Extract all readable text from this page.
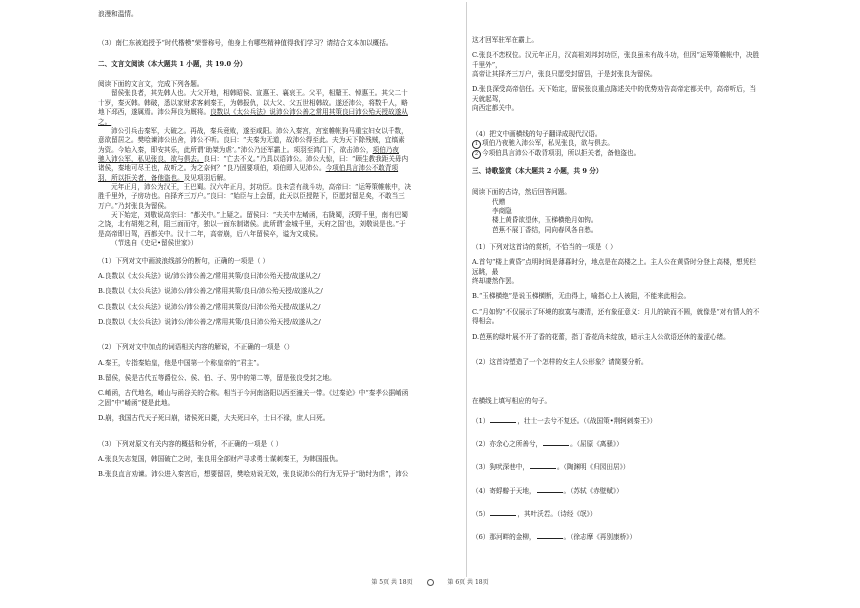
浪漫和温情。

（3）南仁东被追授予“时代楷模”荣誉称号，他身上有哪些精神值得我们学习？请结合文本加以概括。

二、文言文阅读（本大题共 1 小题，共 19.0 分）

阅读下面的文言文，完成下列各题。

留侯张良者，其先韩人也。大父开地，相韩昭侯、宣惠王、襄哀王。父平，相釐王、悼惠王。其父二十

十岁，秦灭韩。韩破，悉以家财求客刺秦王，为韩报仇，以大父、父五世相韩故。遂还沛公，将数千人，略

地下邳西，遂属焉。沛公拜良为厩将。良数以《太公兵法》说沛公沛公善之常用其策良曰沛公殆天授故遂从

之。

沛公引兵击秦军，大破之。再战，秦兵竟败，遂至咸阳。沛公入秦宫，宫室帷帐狗马重宝妇女以千数，

意欲留居之。樊哙谏沛公出舍，沛公不听。良曰：“夫秦为无道，故沛公得至此。夫为天下除残贼，宜缟素

为资。今始入秦，即安其乐，此所谓‘助桀为虐’。”沛公乃还军霸上。项羽至鸿门下，欲击沛公，项伯乃夜

驰入沛公军，私见张良，欲与俱去。良曰：“亡去不义。”乃具以语沛公。沛公大惊，曰：“顾生教我距关毋内

诸侯，秦地可尽王也，故听之。为之奈何？”良乃固要项伯，项伯即入见沛公。今项伯具言沛公不敢背项

羽，所以拒关者，备他盗也。及见项羽后解。

元年正月，沛公为汉王，王巴蜀。汉六年正月，封功臣。良未尝有战斗功，高帝曰：“运筹策帷帐中，决

胜千里外，子房功也。自择齐三万户。”良曰：“始臣与上会留，此天以臣授陛下，臣愿封留足矣，不敢当三

万户。”乃封张良为留侯。

天下始定，刘敬说高宗曰：“都关中。”上疑之。留侯曰：“夫关中左崤函，右陇蜀，沃野千里，南有巴蜀

之饶，北有胡苑之利，阻三面而守，独以一面东制诸侯。此所谓‘金城千里，天府之国’也，刘敬说是也。”于

是高帝即日驾，西都关中。汉十二年，高帝崩，后八年留侯卒，谥为文成侯。

（节选自《史记•留侯世家》）

（1）下列对文中画波浪线部分的断句，正确的一项是（ ）

A.良数以《太公兵法》说/沛公沛公善之/常用其策/良曰沛公殆天授/故遂从之/

B.良数以《太公兵法》说沛公/沛公善之/常用其策/良曰/沛公殆天授/故遂从之/

C.良数以《太公兵法》说沛公/沛公善之/常用其策良/曰沛公殆天授/故遂从之/

D.良数以《太公兵法》说沛公/沛公善之/常用其策/良曰沛公殆天授/故遂从之/

（2）下列对文中加点的词语相关内容的解说，不正确的一项是（）

A.秦王，专指秦始皇，他是中国第一个称皇帝的“君主”。

B.留侯，侯是古代五等爵位公、侯、伯、子、男中的第二等，留是张良受封之地。

C.崤函，古代地名，崤山与函谷关的合称。相当于今河南洛阳以西至潼关一带。《过秦论》中“秦孝公据崤函

之固”中“崤函”便是此地。

D.崩，我国古代天子死曰崩，诸侯死曰薨，大夫死曰卒，士曰不禄，庶人曰死。

（3）下列对原文有关内容的概括和分析，不正确的一项是（ ）

A.张良矢志复国，韩国破亡之时，张良用全部财产寻求勇士谋刺秦王，为韩国报仇。

B.张良直言劝谏。沛公进入秦宫后，想要留居，樊哙劝说无效，张良说沛公的行为无异于“助纣为虐”，沛公

这才回军驻军在霸上。

C.张良不恋权位。汉元年正月，汉高祖刘邦封功臣，张良虽未有战斗功，但因“运筹策帷帐中，决胜千里外”，

高帝让其择齐三万户，张良只愿受封留县，于是封张良为留侯。

D.张良深受高帝信任。天下始定，留侯张良重点陈述关中的优势劝告高帝定都关中，高帝听后，当天就起驾，

向西定都关中。

（4）把文中画横线的句子翻译成现代汉语。

1 项伯乃夜驰入沛公军，私见张良，欲与俱去。

2 今项伯具言沛公不敢背项羽，所以拒关者，备他盗也。

三、诗歌鉴赏（本大题共 2 小题，共 9 分）

阅读下面的古诗，然后回答问题。

代赠

李商隐

楼上黄昏欲望休，玉梯横绝月如钩。

芭蕉不展丁香结，同向春风各自愁。

（1）下列对这首诗的赏析，不恰当的一项是（ ）

A.首句“楼上黄昏”点明时间是薄暮时分，地点是在高楼之上。主人公在黄昏时分登上高楼，想凭栏远眺，最

终却凄然作罢。

B.“玉梯横绝”是说玉梯横断，无由得上，喻指心上人被阻，不能来此相会。

C.“月如钩”不仅展示了环境的寂寞与凄清，还有象征意义：月儿的缺而不圆，就像是“对有情人的不得相会。

D.芭蕉的绿叶展不开了香的花蕾，指丁香花尚未绽放，暗示主人公欲语还休的羞涩心绪。

（2）这首诗塑造了一个怎样的女主人公形象？请简要分析。

在横线上填写相应的句子。

（1）	，壮士一去兮不复还。（《战国策•荆轲刺秦王》）

（2）亦余心之所善兮，	。（屈原《离骚》）

（3）狗吠深巷中，	。（陶渊明《归园田居》）

（4）寄蜉蝣于天地，	。（苏轼《赤壁赋》）

（5）	，其叶沃若。（诗经《氓》）

（6）那河畔的金柳，	。（徐志摩《再别康桥》）

第 5页 共 18页	第 6页 共 18页
